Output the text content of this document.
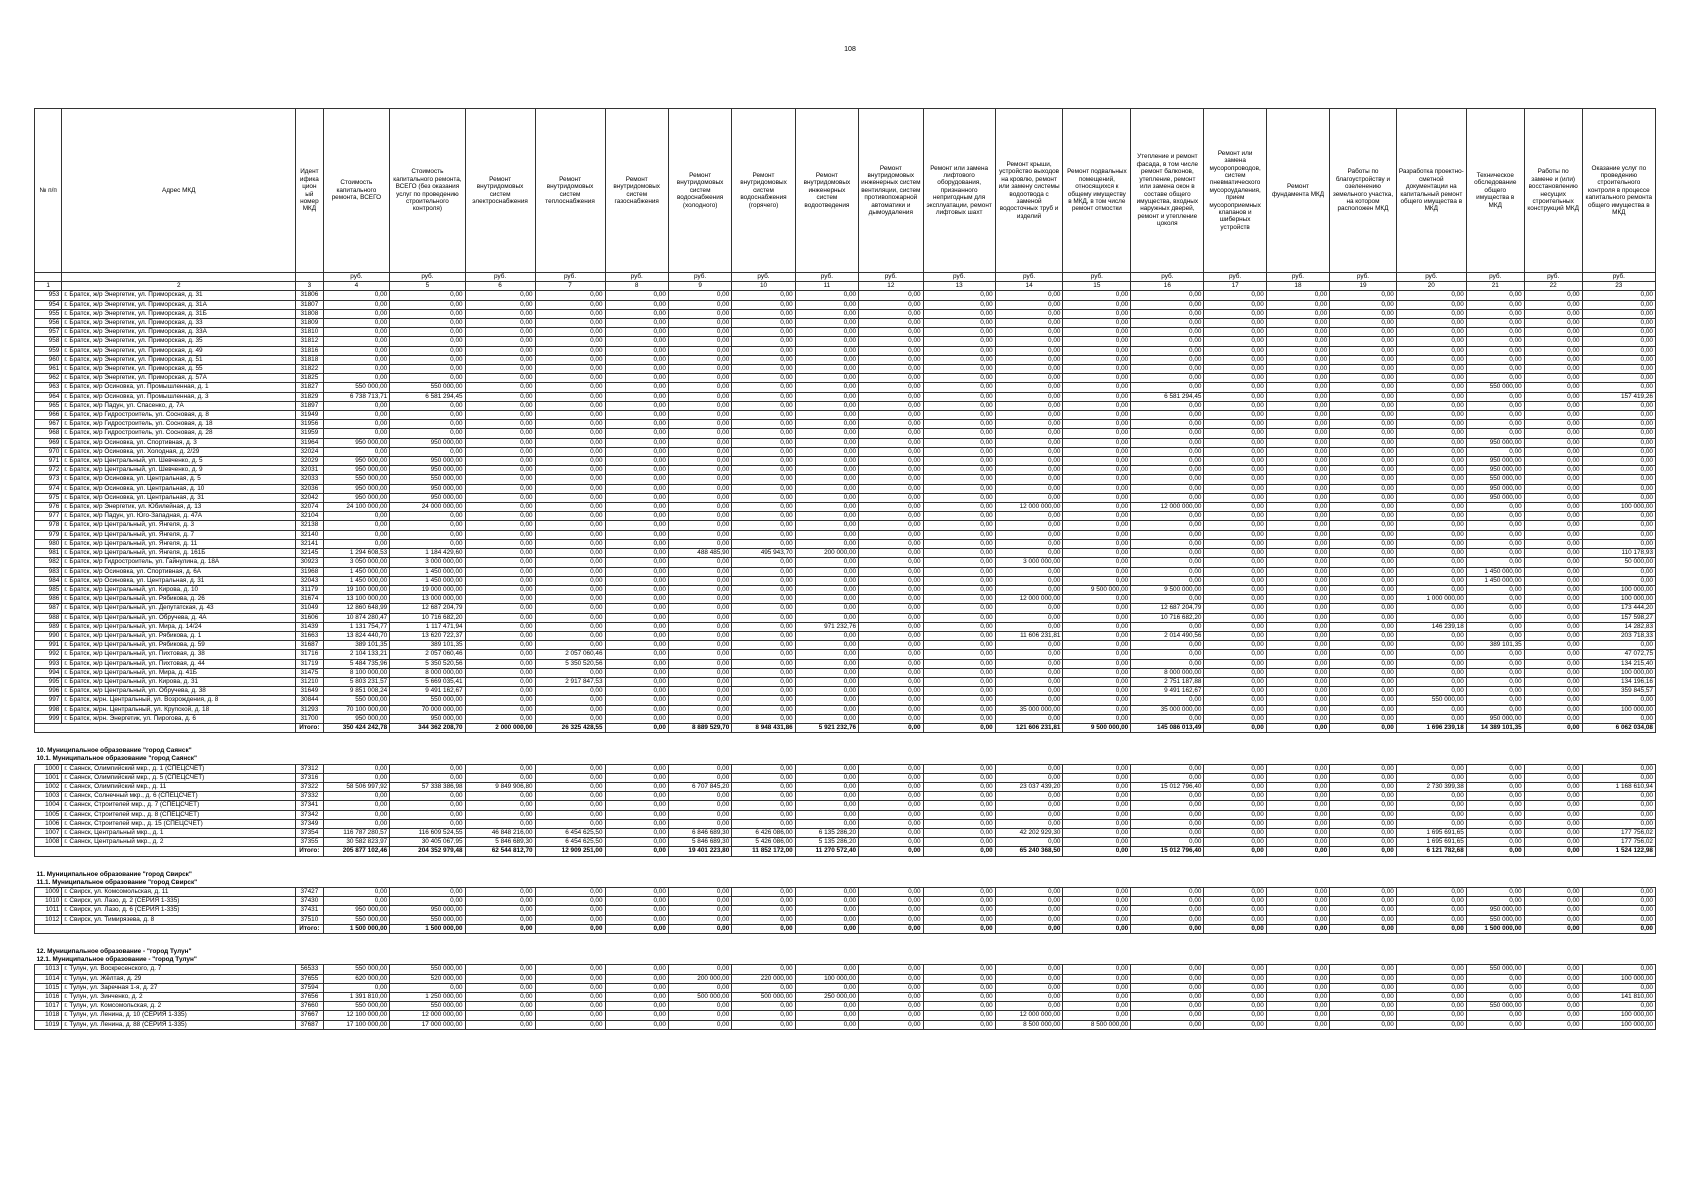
108
№ п/п	Адрес МКД	Идент ифика цион ый номер МКД	Стоимость капитального ремонта, ВСЕГО	Стоимость капитального ремонта, ВСЕГО (без оказания услуг по проведению строительного контроля)	Ремонт внутридомовых систем электроснабжения	Ремонт внутридомовых систем теплоснабжения	Ремонт внутридомовых систем газоснабжения	Ремонт внутридомовых систем водоснабжения (холодного)	Ремонт внутридомовых систем водоснабжения (горячего)	Ремонт внутридомовых инженерных систем водоотведения	Ремонт внутридомовых инженерных систем вентиляции, систем противопожарной автоматики и дымоудаления	Ремонт или замена лифтового оборудования, признанного непригодным для эксплуатации, ремонт лифтовых шахт	Ремонт крыши, устройство выходов на кровлю, ремонт или замену системы водоотвода с заменой водосточных труб и изделий	Ремонт подвальных помещений, относящихся к общему имуществу в МКД, в том числе ремонт отмостки	Утепление и ремонт фасада, в том числе ремонт балконов, утепление, ремонт или замена окон в составе общего имущества, входных наружных дверей, ремонт и утепление цоколя	Ремонт или замена мусоропроводов, систем пневматического мусороудаления, прием мусороприемных клапанов и шиберных устройств	Ремонт фундамента МКД	Работы по благоустройству и озеленению земельного участка, на котором расположен МКД	Разработка проектно-сметной документации на капитальный ремонт общего имущества в МКД	Техническое обследование общего имущества в МКД	Работы по замене и (или) восстановлению несущих строительных конструкций МКД	Оказание услуг по проведению строительного контроля в процессе капитального ремонта общего имущества в МКД
			руб.	руб.	руб.	руб.	руб.	руб.	руб.	руб.	руб.	руб.	руб.	руб.	руб.	руб.	руб.	руб.	руб.	руб.	руб.	руб.
1	2	3	4	5	6	7	8	9	10	11	12	13	14	15	16	17	18	19	20	21	22	23
953	г. Братск, ж/р Энергетик, ул. Приморская, д. 31	31806	0,00	0,00	0,00	0,00	0,00	0,00	0,00	0,00	0,00	0,00	0,00	0,00	0,00	0,00	0,00	0,00	0,00	0,00	0,00	0,00
954	г. Братск, ж/р Энергетик, ул. Приморская, д. 31А	31807	0,00	0,00	0,00	0,00	0,00	0,00	0,00	0,00	0,00	0,00	0,00	0,00	0,00	0,00	0,00	0,00	0,00	0,00	0,00	0,00
955	г. Братск, ж/р Энергетик, ул. Приморская, д. 31Б	31808	0,00	0,00	0,00	0,00	0,00	0,00	0,00	0,00	0,00	0,00	0,00	0,00	0,00	0,00	0,00	0,00	0,00	0,00	0,00	0,00
956	г. Братск, ж/р Энергетик, ул. Приморская, д. 33	31809	0,00	0,00	0,00	0,00	0,00	0,00	0,00	0,00	0,00	0,00	0,00	0,00	0,00	0,00	0,00	0,00	0,00	0,00	0,00	0,00
957	г. Братск, ж/р Энергетик, ул. Приморская, д. 33А	31810	0,00	0,00	0,00	0,00	0,00	0,00	0,00	0,00	0,00	0,00	0,00	0,00	0,00	0,00	0,00	0,00	0,00	0,00	0,00	0,00
958	г. Братск, ж/р Энергетик, ул. Приморская, д. 35	31812	0,00	0,00	0,00	0,00	0,00	0,00	0,00	0,00	0,00	0,00	0,00	0,00	0,00	0,00	0,00	0,00	0,00	0,00	0,00	0,00
959	г. Братск, ж/р Энергетик, ул. Приморская, д. 49	31816	0,00	0,00	0,00	0,00	0,00	0,00	0,00	0,00	0,00	0,00	0,00	0,00	0,00	0,00	0,00	0,00	0,00	0,00	0,00	0,00
960	г. Братск, ж/р Энергетик, ул. Приморская, д. 51	31818	0,00	0,00	0,00	0,00	0,00	0,00	0,00	0,00	0,00	0,00	0,00	0,00	0,00	0,00	0,00	0,00	0,00	0,00	0,00	0,00
961	г. Братск, ж/р Энергетик, ул. Приморская, д. 55	31822	0,00	0,00	0,00	0,00	0,00	0,00	0,00	0,00	0,00	0,00	0,00	0,00	0,00	0,00	0,00	0,00	0,00	0,00	0,00	0,00
962	г. Братск, ж/р Энергетик, ул. Приморская, д. 57А	31825	0,00	0,00	0,00	0,00	0,00	0,00	0,00	0,00	0,00	0,00	0,00	0,00	0,00	0,00	0,00	0,00	0,00	0,00	0,00	0,00
963	г. Братск, ж/р Осиновка, ул. Промышленная, д. 1	31827	550 000,00	550 000,00	0,00	0,00	0,00	0,00	0,00	0,00	0,00	0,00	0,00	0,00	0,00	0,00	0,00	0,00	0,00	550 000,00	0,00	0,00
964	г. Братск, ж/р Осиновка, ул. Промышленная, д. 3	31829	6 738 713,71	6 581 294,45	0,00	0,00	0,00	0,00	0,00	0,00	0,00	0,00	0,00	0,00	6 581 294,45	0,00	0,00	0,00	0,00	0,00	0,00	157 419,26
965	г. Братск, ж/р Падун, ул. Спасенко, д. 7А	31897	0,00	0,00	0,00	0,00	0,00	0,00	0,00	0,00	0,00	0,00	0,00	0,00	0,00	0,00	0,00	0,00	0,00	0,00	0,00	0,00
966	г. Братск, ж/р Гидростроитель, ул. Сосновая, д. 8	31949	0,00	0,00	0,00	0,00	0,00	0,00	0,00	0,00	0,00	0,00	0,00	0,00	0,00	0,00	0,00	0,00	0,00	0,00	0,00	0,00
967	г. Братск, ж/р Гидростроитель, ул. Сосновая, д. 18	31956	0,00	0,00	0,00	0,00	0,00	0,00	0,00	0,00	0,00	0,00	0,00	0,00	0,00	0,00	0,00	0,00	0,00	0,00	0,00	0,00
968	г. Братск, ж/р Гидростроитель, ул. Сосновая, д. 28	31959	0,00	0,00	0,00	0,00	0,00	0,00	0,00	0,00	0,00	0,00	0,00	0,00	0,00	0,00	0,00	0,00	0,00	0,00	0,00	0,00
969	г. Братск, ж/р Осиновка, ул. Спортивная, д. 3	31964	950 000,00	950 000,00	0,00	0,00	0,00	0,00	0,00	0,00	0,00	0,00	0,00	0,00	0,00	0,00	0,00	0,00	0,00	950 000,00	0,00	0,00
970	г. Братск, ж/р Осиновка, ул. Холодная, д. 2/29	32024	0,00	0,00	0,00	0,00	0,00	0,00	0,00	0,00	0,00	0,00	0,00	0,00	0,00	0,00	0,00	0,00	0,00	0,00	0,00	0,00
971	г. Братск, ж/р Центральный, ул. Шевченко, д. 5	32029	950 000,00	950 000,00	0,00	0,00	0,00	0,00	0,00	0,00	0,00	0,00	0,00	0,00	0,00	0,00	0,00	0,00	0,00	950 000,00	0,00	0,00
972	г. Братск, ж/р Центральный, ул. Шевченко, д. 9	32031	950 000,00	950 000,00	0,00	0,00	0,00	0,00	0,00	0,00	0,00	0,00	0,00	0,00	0,00	0,00	0,00	0,00	0,00	950 000,00	0,00	0,00
973	г. Братск, ж/р Осиновка, ул. Центральная, д. 5	32033	550 000,00	550 000,00	0,00	0,00	0,00	0,00	0,00	0,00	0,00	0,00	0,00	0,00	0,00	0,00	0,00	0,00	0,00	550 000,00	0,00	0,00
974	г. Братск, ж/р Осиновка, ул. Центральная, д. 10	32036	950 000,00	950 000,00	0,00	0,00	0,00	0,00	0,00	0,00	0,00	0,00	0,00	0,00	0,00	0,00	0,00	0,00	0,00	950 000,00	0,00	0,00
975	г. Братск, ж/р Осиновка, ул. Центральная, д. 31	32042	950 000,00	950 000,00	0,00	0,00	0,00	0,00	0,00	0,00	0,00	0,00	0,00	0,00	0,00	0,00	0,00	0,00	0,00	950 000,00	0,00	0,00
976	г. Братск, ж/р Энергетик, ул. Юбилейная, д. 13	32074	24 100 000,00	24 000 000,00	0,00	0,00	0,00	0,00	0,00	0,00	0,00	0,00	12 000 000,00	0,00	12 000 000,00	0,00	0,00	0,00	0,00	0,00	0,00	100 000,00
977	г. Братск, ж/р Падун, ул. Юго-Западная, д. 47А	32104	0,00	0,00	0,00	0,00	0,00	0,00	0,00	0,00	0,00	0,00	0,00	0,00	0,00	0,00	0,00	0,00	0,00	0,00	0,00	0,00
978	г. Братск, ж/р Центральный, ул. Янгеля, д. 3	32138	0,00	0,00	0,00	0,00	0,00	0,00	0,00	0,00	0,00	0,00	0,00	0,00	0,00	0,00	0,00	0,00	0,00	0,00	0,00	0,00
979	г. Братск, ж/р Центральный, ул. Янгеля, д. 7	32140	0,00	0,00	0,00	0,00	0,00	0,00	0,00	0,00	0,00	0,00	0,00	0,00	0,00	0,00	0,00	0,00	0,00	0,00	0,00	0,00
980	г. Братск, ж/р Центральный, ул. Янгеля, д. 11	32141	0,00	0,00	0,00	0,00	0,00	0,00	0,00	0,00	0,00	0,00	0,00	0,00	0,00	0,00	0,00	0,00	0,00	0,00	0,00	0,00
981	г. Братск, ж/р Центральный, ул. Янгеля, д. 161Б	32145	1 294 608,53	1 184 429,60	0,00	0,00	0,00	488 485,90	495 943,70	200 000,00	0,00	0,00	0,00	0,00	0,00	0,00	0,00	0,00	0,00	0,00	0,00	110 178,93
982	г. Братск, ж/р Гидростроитель, ул. Гайнулина, д. 18А	30923	3 050 000,00	3 000 000,00	0,00	0,00	0,00	0,00	0,00	0,00	0,00	0,00	3 000 000,00	0,00	0,00	0,00	0,00	0,00	0,00	0,00	0,00	50 000,00
983	г. Братск, ж/р Осиновка, ул. Спортивная, д. 6А	31968	1 450 000,00	1 450 000,00	0,00	0,00	0,00	0,00	0,00	0,00	0,00	0,00	0,00	0,00	0,00	0,00	0,00	0,00	0,00	1 450 000,00	0,00	0,00
984	г. Братск, ж/р Осиновка, ул. Центральная, д. 31	32043	1 450 000,00	1 450 000,00	0,00	0,00	0,00	0,00	0,00	0,00	0,00	0,00	0,00	0,00	0,00	0,00	0,00	0,00	0,00	1 450 000,00	0,00	0,00
985	г. Братск, ж/р Центральный, ул. Кирова, д. 10	31179	19 100 000,00	19 000 000,00	0,00	0,00	0,00	0,00	0,00	0,00	0,00	0,00	0,00	9 500 000,00	9 500 000,00	0,00	0,00	0,00	0,00	0,00	0,00	100 000,00
986	г. Братск, ж/р Центральный, ул. Рябикова, д. 26	31674	13 100 000,00	13 000 000,00	0,00	0,00	0,00	0,00	0,00	0,00	0,00	0,00	12 000 000,00	0,00	0,00	0,00	0,00	0,00	1 000 000,00	0,00	0,00	100 000,00
987	г. Братск, ж/р Центральный, ул. Депутатская, д. 43	31049	12 860 648,99	12 687 204,79	0,00	0,00	0,00	0,00	0,00	0,00	0,00	0,00	0,00	0,00	12 687 204,79	0,00	0,00	0,00	0,00	0,00	0,00	173 444,20
988	г. Братск, ж/р Центральный, ул. Обручева, д. 4А	31606	10 874 280,47	10 716 682,20	0,00	0,00	0,00	0,00	0,00	0,00	0,00	0,00	0,00	0,00	10 716 682,20	0,00	0,00	0,00	0,00	0,00	0,00	157 598,27
989	г. Братск, ж/р Центральный, ул. Мира, д. 14/24	31439	1 131 754,77	1 117 471,94	0,00	0,00	0,00	0,00	0,00	971 232,76	0,00	0,00	0,00	0,00	0,00	0,00	0,00	0,00	146 239,18	0,00	0,00	14 282,83
990	г. Братск, ж/р Центральный, ул. Рябикова, д. 1	31663	13 824 440,70	13 620 722,37	0,00	0,00	0,00	0,00	0,00	0,00	0,00	0,00	11 606 231,81	0,00	2 014 490,56	0,00	0,00	0,00	0,00	0,00	0,00	203 718,33
991	г. Братск, ж/р Центральный, ул. Рябикова, д. 59	31687	389 101,35	389 101,35	0,00	0,00	0,00	0,00	0,00	0,00	0,00	0,00	0,00	0,00	0,00	0,00	0,00	0,00	0,00	389 101,35	0,00	0,00
992	г. Братск, ж/р Центральный, ул. Пихтовая, д. 38	31716	2 104 133,21	2 057 060,46	0,00	2 057 060,46	0,00	0,00	0,00	0,00	0,00	0,00	0,00	0,00	0,00	0,00	0,00	0,00	0,00	0,00	0,00	47 072,75
993	г. Братск, ж/р Центральный, ул. Пихтовая, д. 44	31719	5 484 735,96	5 350 520,56	0,00	5 350 520,56	0,00	0,00	0,00	0,00	0,00	0,00	0,00	0,00	0,00	0,00	0,00	0,00	0,00	0,00	0,00	134 215,40
994	г. Братск, ж/р Центральный, ул. Мира, д. 41Б	31475	8 100 000,00	8 000 000,00	0,00	0,00	0,00	0,00	0,00	0,00	0,00	0,00	0,00	0,00	8 000 000,00	0,00	0,00	0,00	0,00	0,00	0,00	100 000,00
995	г. Братск, ж/р Центральный, ул. Кирова, д. 31	31210	5 803 231,57	5 669 035,41	0,00	2 917 847,53	0,00	0,00	0,00	0,00	0,00	0,00	0,00	0,00	2 751 187,88	0,00	0,00	0,00	0,00	0,00	0,00	134 196,16
996	г. Братск, ж/р Центральный, ул. Обручева, д. 38	31649	9 851 008,24	9 491 162,67	0,00	0,00	0,00	0,00	0,00	0,00	0,00	0,00	0,00	0,00	9 491 162,67	0,00	0,00	0,00	0,00	0,00	0,00	359 845,57
997	г. Братск, ж/рн. Центральный, ул. Возрождения, д. 8	30844	550 000,00	550 000,00	0,00	0,00	0,00	0,00	0,00	0,00	0,00	0,00	0,00	0,00	0,00	0,00	0,00	0,00	550 000,00	0,00	0,00	0,00
998	г. Братск, ж/рн. Центральный, ул. Крупской, д. 18	31293	70 100 000,00	70 000 000,00	0,00	0,00	0,00	0,00	0,00	0,00	0,00	0,00	35 000 000,00	0,00	35 000 000,00	0,00	0,00	0,00	0,00	0,00	0,00	100 000,00
999	г. Братск, ж/рн. Энергетик, ул. Пирогова, д. 6	31700	950 000,00	950 000,00	0,00	0,00	0,00	0,00	0,00	0,00	0,00	0,00	0,00	0,00	0,00	0,00	0,00	0,00	0,00	950 000,00	0,00	0,00
		Итого:	350 424 242,78	344 362 208,70	2 000 000,00	26 325 428,55	0,00	8 889 529,70	8 948 431,86	5 921 232,76	0,00	0,00	121 606 231,81	9 500 000,00	145 086 013,49	0,00	0,00	0,00	1 696 239,18	14 389 101,35	0,00	6 062 034,08

10. Муниципальное образование "город Саянск"																						
10.1. Муниципальное образование "город Саянск"																						
1000	г. Саянск, Олимпийский мкр., д. 1 (СПЕЦСЧЕТ)	37312	0,00	0,00	0,00	0,00	0,00	0,00	0,00	0,00	0,00	0,00	0,00	0,00	0,00	0,00	0,00	0,00	0,00	0,00	0,00	0,00
1001	г. Саянск, Олимпийский мкр., д. 5 (СПЕЦСЧЕТ)	37316	0,00	0,00	0,00	0,00	0,00	0,00	0,00	0,00	0,00	0,00	0,00	0,00	0,00	0,00	0,00	0,00	0,00	0,00	0,00	0,00
1002	г. Саянск, Олимпийский мкр., д. 11	37322	58 506 997,92	57 338 386,98	9 849 906,80	0,00	0,00	6 707 845,20	0,00	0,00	0,00	0,00	23 037 439,20	0,00	15 012 796,40	0,00	0,00	0,00	2 730 399,38	0,00	0,00	1 168 610,94
1003	г. Саянск, Солнечный мкр., д. 6 (СПЕЦСЧЕТ)	37332	0,00	0,00	0,00	0,00	0,00	0,00	0,00	0,00	0,00	0,00	0,00	0,00	0,00	0,00	0,00	0,00	0,00	0,00	0,00	0,00
1004	г. Саянск, Строителей мкр., д. 7 (СПЕЦСЧЕТ)	37341	0,00	0,00	0,00	0,00	0,00	0,00	0,00	0,00	0,00	0,00	0,00	0,00	0,00	0,00	0,00	0,00	0,00	0,00	0,00	0,00
1005	г. Саянск, Строителей мкр., д. 8 (СПЕЦСЧЕТ)	37342	0,00	0,00	0,00	0,00	0,00	0,00	0,00	0,00	0,00	0,00	0,00	0,00	0,00	0,00	0,00	0,00	0,00	0,00	0,00	0,00
1006	г. Саянск, Строителей мкр., д. 15 (СПЕЦСЧЕТ)	37349	0,00	0,00	0,00	0,00	0,00	0,00	0,00	0,00	0,00	0,00	0,00	0,00	0,00	0,00	0,00	0,00	0,00	0,00	0,00	0,00
1007	г. Саянск, Центральный мкр., д. 1	37354	116 787 280,57	116 609 524,55	46 848 216,00	6 454 625,50	0,00	6 846 689,30	6 426 086,00	6 135 286,20	0,00	0,00	42 202 929,30	0,00	0,00	0,00	0,00	0,00	1 695 691,65	0,00	0,00	177 756,02
1008	г. Саянск, Центральный мкр., д. 2	37355	30 582 823,97	30 405 067,95	5 846 689,30	6 454 625,50	0,00	5 846 689,30	5 426 086,00	5 135 286,20	0,00	0,00	0,00	0,00	0,00	0,00	0,00	0,00	1 695 691,65	0,00	0,00	177 756,02
		Итого:	205 877 102,46	204 352 979,48	62 544 812,70	12 909 251,00	0,00	19 401 223,80	11 852 172,00	11 270 572,40	0,00	0,00	65 240 368,50	0,00	15 012 796,40	0,00	0,00	0,00	6 121 782,68	0,00	0,00	1 524 122,98

11. Муниципальное образование "город Свирск"																						
11.1. Муниципальное образование "город Свирск"																						
1009	г. Свирск, ул. Комсомольская, д. 11	37427	0,00	0,00	0,00	0,00	0,00	0,00	0,00	0,00	0,00	0,00	0,00	0,00	0,00	0,00	0,00	0,00	0,00	0,00	0,00	0,00
1010	г. Свирск, ул. Лазо, д. 2 (СЕРИЯ 1-335)	37430	0,00	0,00	0,00	0,00	0,00	0,00	0,00	0,00	0,00	0,00	0,00	0,00	0,00	0,00	0,00	0,00	0,00	0,00	0,00	0,00
1011	г. Свирск, ул. Лазо, д. 6 (СЕРИЯ 1-335)	37431	950 000,00	950 000,00	0,00	0,00	0,00	0,00	0,00	0,00	0,00	0,00	0,00	0,00	0,00	0,00	0,00	0,00	0,00	950 000,00	0,00	0,00
1012	г. Свирск, ул. Тимирязева, д. 8	37510	550 000,00	550 000,00	0,00	0,00	0,00	0,00	0,00	0,00	0,00	0,00	0,00	0,00	0,00	0,00	0,00	0,00	0,00	550 000,00	0,00	0,00
		Итого:	1 500 000,00	1 500 000,00	0,00	0,00	0,00	0,00	0,00	0,00	0,00	0,00	0,00	0,00	0,00	0,00	0,00	0,00	0,00	1 500 000,00	0,00	0,00

12. Муниципальное образование - "город Тулун"																						
12.1. Муниципальное образование - "город Тулун"																						
1013	г. Тулун, ул. Воскресенского, д. 7	56533	550 000,00	550 000,00	0,00	0,00	0,00	0,00	0,00	0,00	0,00	0,00	0,00	0,00	0,00	0,00	0,00	0,00	0,00	550 000,00	0,00	0,00
1014	г. Тулун, ул. Жёлтая, д. 29	37655	620 000,00	520 000,00	0,00	0,00	0,00	200 000,00	220 000,00	100 000,00	0,00	0,00	0,00	0,00	0,00	0,00	0,00	0,00	0,00	0,00	0,00	100 000,00
1015	г. Тулун, ул. Заречная 1-я, д. 27	37594	0,00	0,00	0,00	0,00	0,00	0,00	0,00	0,00	0,00	0,00	0,00	0,00	0,00	0,00	0,00	0,00	0,00	0,00	0,00	0,00
1016	г. Тулун, ул. Зинченко, д. 2	37656	1 391 810,00	1 250 000,00	0,00	0,00	0,00	500 000,00	500 000,00	250 000,00	0,00	0,00	0,00	0,00	0,00	0,00	0,00	0,00	0,00	0,00	0,00	141 810,00
1017	г. Тулун, ул. Комсомольская, д. 2	37660	550 000,00	550 000,00	0,00	0,00	0,00	0,00	0,00	0,00	0,00	0,00	0,00	0,00	0,00	0,00	0,00	0,00	0,00	550 000,00	0,00	0,00
1018	г. Тулун, ул. Ленина, д. 10 (СЕРИЯ 1-335)	37667	12 100 000,00	12 000 000,00	0,00	0,00	0,00	0,00	0,00	0,00	0,00	0,00	12 000 000,00	0,00	0,00	0,00	0,00	0,00	0,00	0,00	0,00	100 000,00
1019	г. Тулун, ул. Ленина, д. 88 (СЕРИЯ 1-335)	37687	17 100 000,00	17 000 000,00	0,00	0,00	0,00	0,00	0,00	0,00	0,00	0,00	8 500 000,00	8 500 000,00	0,00	0,00	0,00	0,00	0,00	0,00	0,00	100 000,00
